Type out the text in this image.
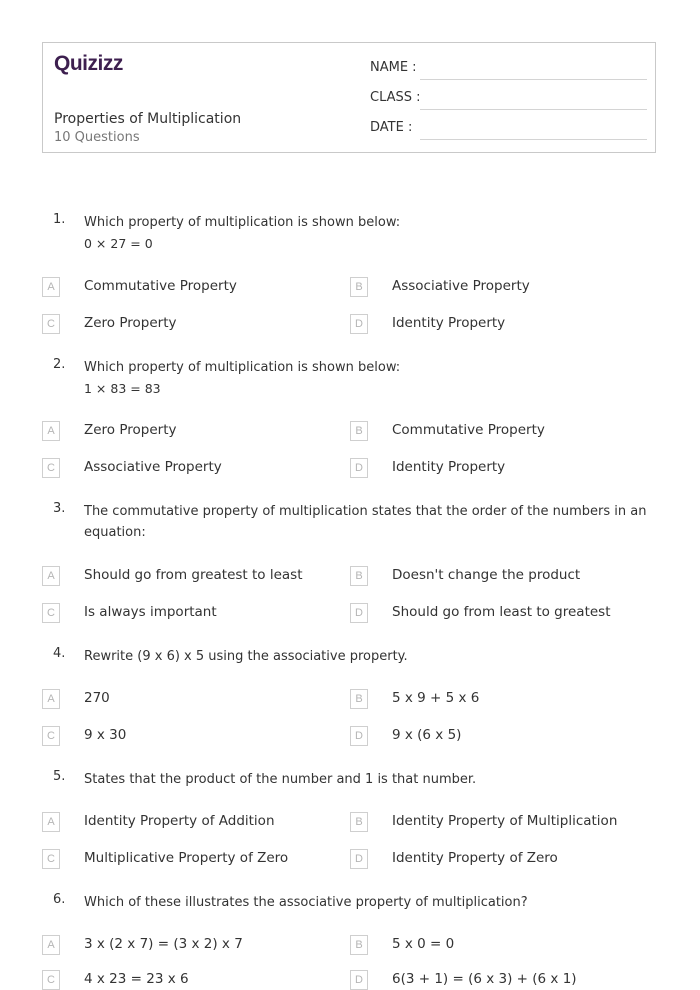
Quizizz
Properties of Multiplication
10 Questions
NAME :
CLASS :
DATE :
1. Which property of multiplication is shown below:
0 × 27 = 0
A	Commutative Property	B	Associative Property
C	Zero Property	D	Identity Property
2. Which property of multiplication is shown below:
1 × 83 = 83
A	Zero Property	B	Commutative Property
C	Associative Property	D	Identity Property
3. The commutative property of multiplication states that the order of the numbers in an equation:
A	Should go from greatest to least	B	Doesn't change the product
C	Is always important	D	Should go from least to greatest
4. Rewrite (9 x 6) x 5 using the associative property.
A	270	B	5 x 9 + 5 x 6
C	9 x 30	D	9 x (6 x 5)
5. States that the product of the number and 1 is that number.
A	Identity Property of Addition	B	Identity Property of Multiplication
C	Multiplicative Property of Zero	D	Identity Property of Zero
6. Which of these illustrates the associative property of multiplication?
A	3 x (2 x 7) = (3 x 2) x 7	B	5 x 0 = 0
C	4 x 23 = 23 x 6	D	6(3 + 1) = (6 x 3) + (6 x 1)
